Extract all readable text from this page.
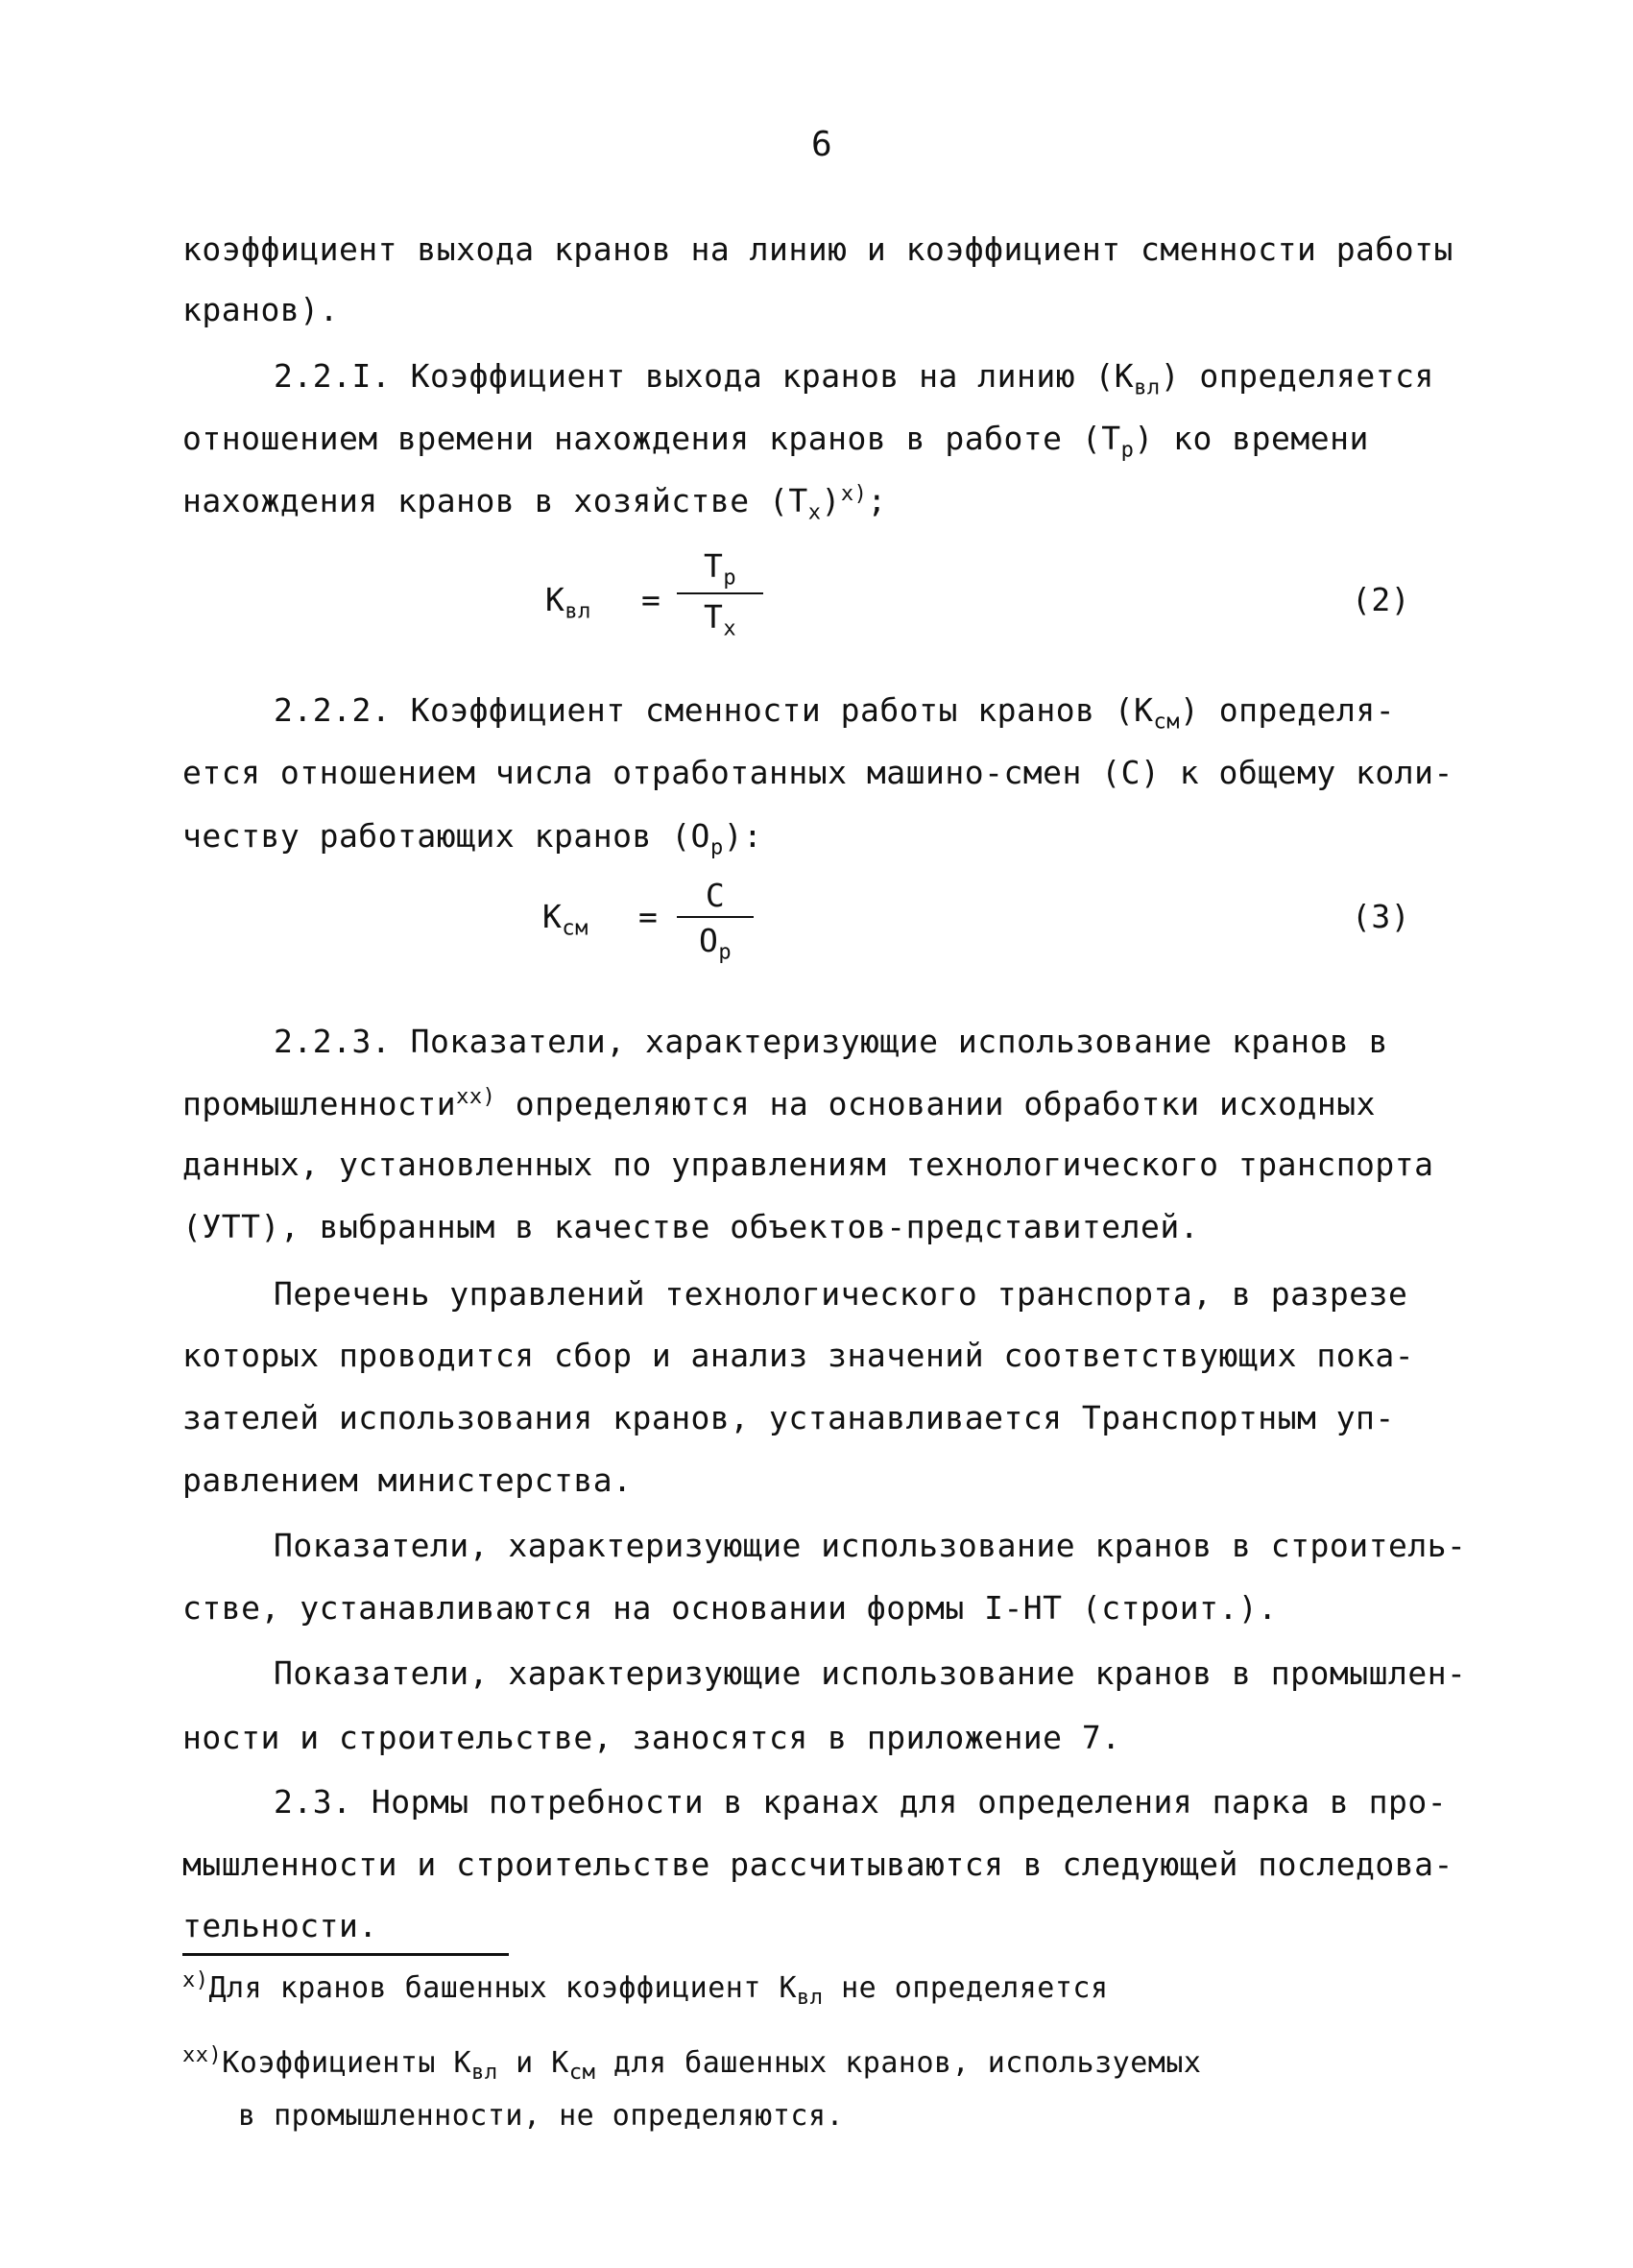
6
коэффициент выхода кранов на линию и коэффициент сменности работы
кранов).
2.2.I. Коэффициент выхода кранов на линию $(К_{вл})$ определяется
отношением времени нахождения кранов в работе $(Т_р)$ ко времени
нахождения кранов в хозяйстве $(Т_х)^{х)}$;
$К_{вл}$ =
$Т_р$
$Т_х$
(2)
2.2.2. Коэффициент сменности работы кранов $(К_{см})$ определя-
ется отношением числа отработанных машино-смен (С) к общему коли-
честву работающих кранов $(О_р)$:
$К_{см}$ =
С
$О_р$
(3)
2.2.3. Показатели, характеризующие использование кранов в
промышленности$^{хх)}$ определяются на основании обработки исходных
данных, установленных по управлениям технологического транспорта
(УТТ), выбранным в качестве объектов-представителей.
Перечень управлений технологического транспорта, в разрезе
которых проводится сбор и анализ значений соответствующих пока-
зателей использования кранов, устанавливается Транспортным уп-
равлением министерства.
Показатели, характеризующие использование кранов в строитель-
стве, устанавливаются на основании формы I-НТ (строит.).
Показатели, характеризующие использование кранов в промышлен-
ности и строительстве, заносятся в приложение 7.
2.3. Нормы потребности в кранах для определения парка в про-
мышленности и строительстве рассчитываются в следующей последова-
тельности.
$^{х)}$Для кранов башенных коэффициент $К_{вл}$ не определяется
$^{хх)}$Коэффициенты $К_{вл}$ и $К_{см}$ для башенных кранов, используемых
в промышленности, не определяются.
